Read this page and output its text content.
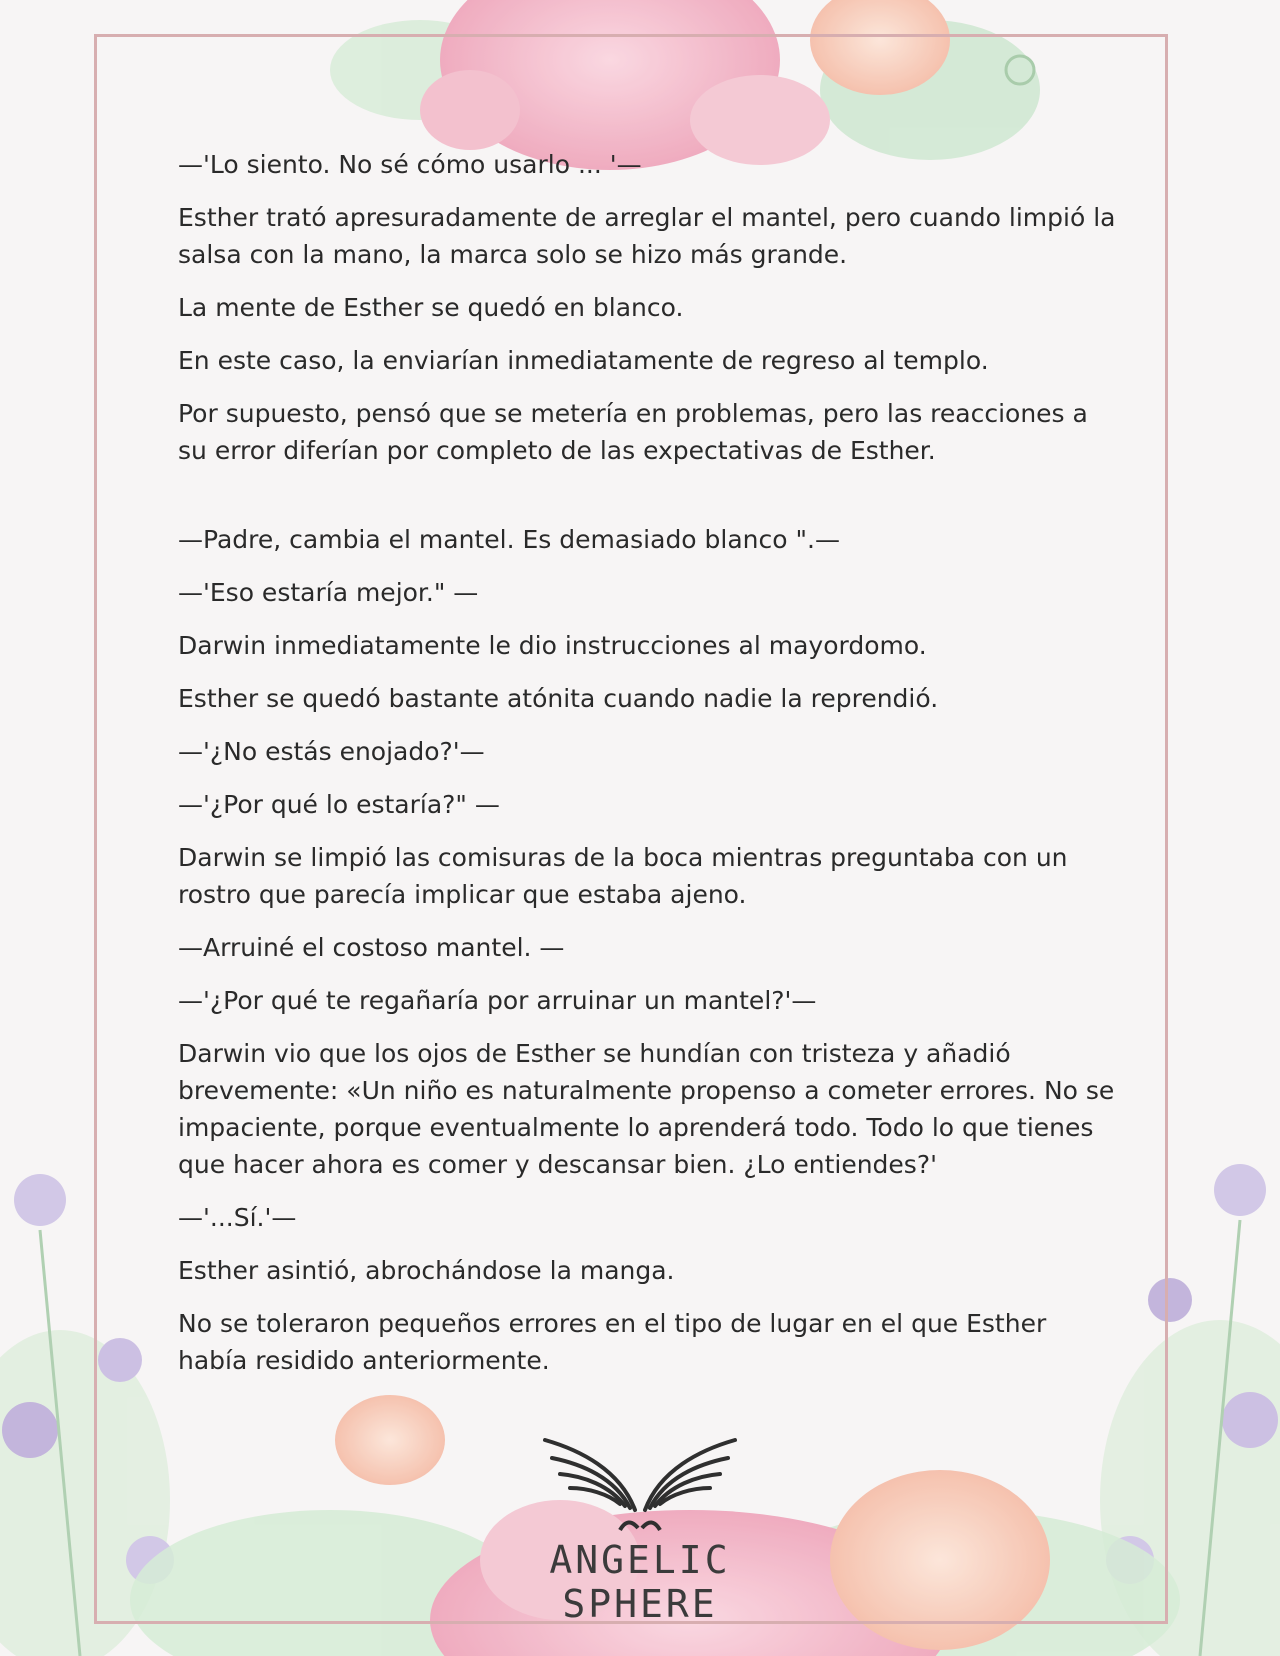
—'Lo siento. No sé cómo usarlo ... '—

Esther trató apresuradamente de arreglar el mantel, pero cuando limpió la salsa con la mano, la marca solo se hizo más grande.

La mente de Esther se quedó en blanco.

En este caso, la enviarían inmediatamente de regreso al templo.

Por supuesto, pensó que se metería en problemas, pero las reacciones a su error diferían por completo de las expectativas de Esther.

—Padre, cambia el mantel. Es demasiado blanco ".—

—'Eso estaría mejor." —

Darwin inmediatamente le dio instrucciones al mayordomo.

Esther se quedó bastante atónita cuando nadie la reprendió.

—'¿No estás enojado?'—

—'¿Por qué lo estaría?" —

Darwin se limpió las comisuras de la boca mientras preguntaba con un rostro que parecía implicar que estaba ajeno.

—Arruiné el costoso mantel. —

—'¿Por qué te regañaría por arruinar un mantel?'—

Darwin vio que los ojos de Esther se hundían con tristeza y añadió brevemente: «Un niño es naturalmente propenso a cometer errores. No se impaciente, porque eventualmente lo aprenderá todo. Todo lo que tienes que hacer ahora es comer y descansar bien. ¿Lo entiendes?'

—'...Sí.'—

Esther asintió, abrochándose la manga.

No se toleraron pequeños errores en el tipo de lugar en el que Esther había residido anteriormente.

ANGELIC SPHERE
